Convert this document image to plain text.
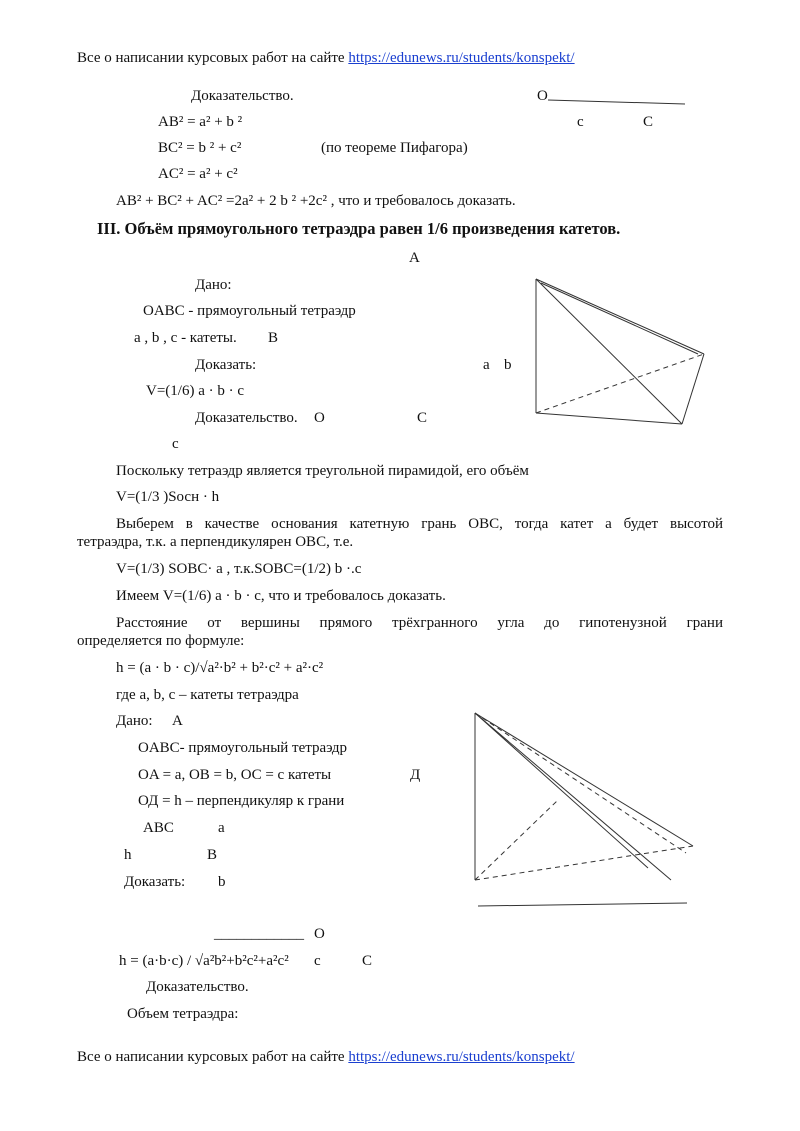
Все о написании курсовых работ на сайте https://edunews.ru/students/konspekt/
Доказательство.	O
AB² = a² + b ²	c	C
BC² = b ² + c²	(по теореме Пифагора)
AC² = a² + c²
AB² + BC² + AC² =2a² + 2 b ² +2c² , что и требовалось доказать.
III. Объём прямоугольного тетраэдра равен 1/6 произведения катетов.
A
Дано:
OABC - прямоугольный тетраэдр
a , b , c - катеты. B
Доказать:	a b
V=(1/6) a · b · c
Доказательство. O	C
c
Поскольку тетраэдр является треугольной пирамидой, его объём
V=(1/3 )Sосн · h
Выберем в качестве основания катетную грань OBC, тогда катет a будет высотой
тетраэдра, т.к. a перпендикулярен OBC, т.е.
V=(1/3) SOBC· a , т.к.SOBC=(1/2) b ·.c
Имеем V=(1/6) a · b · c, что и требовалось доказать.
Расстояние от вершины прямого трёхгранного угла до гипотенузной грани
определяется по формуле:
h = (a · b · c)/√a²·b² + b²·c² + a²·c²
где a, b, c – катеты тетраэдра
Дано: A
OABC- прямоугольный тетраэдр
OA = a, OB = b, OC = c катеты	Д
ОД = h – перпендикуляр к грани
ABC	a
h	B
Доказать: b
____________ O
h = (a·b·c) / √a²b²+b²c²+a²c² c	C
Доказательство.
Объем тетраэдра:
Все о написании курсовых работ на сайте https://edunews.ru/students/konspekt/
